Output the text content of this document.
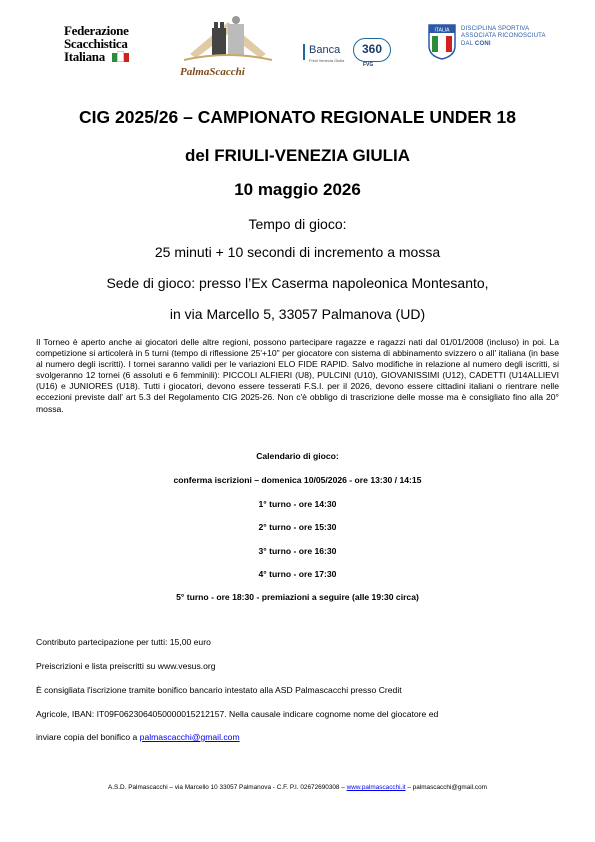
Federazione
Scacchistica
Italiana
PalmaScacchi
Banca
Friuli Venezia Giulia
360
FVG
ITALIA DISCIPLINA SPORTIVA
ASSOCIATA RICONOSCIUTA
DAL CONI
CIG 2025/26 – CAMPIONATO REGIONALE UNDER 18
del FRIULI-VENEZIA GIULIA
10 maggio 2026
Tempo di gioco:
25 minuti + 10 secondi di incremento a mossa
Sede di gioco: presso l’Ex Caserma napoleonica Montesanto,
in via Marcello 5, 33057 Palmanova (UD)
Il Torneo è aperto anche ai giocatori delle altre regioni, possono partecipare ragazze e ragazzi nati dal 01/01/2008 (incluso) in poi. La competizione si articolerà in 5 turni (tempo di riflessione 25'+10" per giocatore con sistema di abbinamento svizzero o all' italiana (in base al numero degli iscritti). I tornei saranno validi per le variazioni ELO FIDE RAPID. Salvo modifiche in relazione al numero degli iscritti, si svolgeranno 12 tornei (6 assoluti e 6 femminili): PICCOLI ALFIERI (U8), PULCINI (U10), GIOVANISSIMI (U12), CADETTI (U14ALLIEVI (U16) e JUNIORES (U18). Tutti i giocatori, devono essere tesserati F.S.I. per il 2026, devono essere cittadini italiani o rientrare nelle eccezioni previste dall' art 5.3 del Regolamento CIG 2025-26. Non c'è obbligo di trascrizione delle mosse ma è consigliato fino alla 20° mossa.
Calendario di gioco:
conferma iscrizioni – domenica 10/05/2026 - ore 13:30 / 14:15
1° turno - ore 14:30
2° turno - ore 15:30
3° turno - ore 16:30
4° turno - ore 17:30
5° turno - ore 18:30 - premiazioni a seguire (alle 19:30 circa)
Contributo partecipazione per tutti: 15,00 euro
Preiscrizioni e lista preiscritti su www.vesus.org
È consigliata l'iscrizione tramite bonifico bancario intestato alla ASD Palmascacchi presso Credit
Agricole, IBAN: IT09F0623064050000015212157. Nella causale indicare cognome nome del giocatore ed
inviare copia del bonifico a palmascacchi@gmail.com
A.S.D. Palmascacchi – via Marcello 10 33057 Palmanova - C.F. P.I. 02672690308 – www.palmascacchi.it – palmascacchi@gmail.com
